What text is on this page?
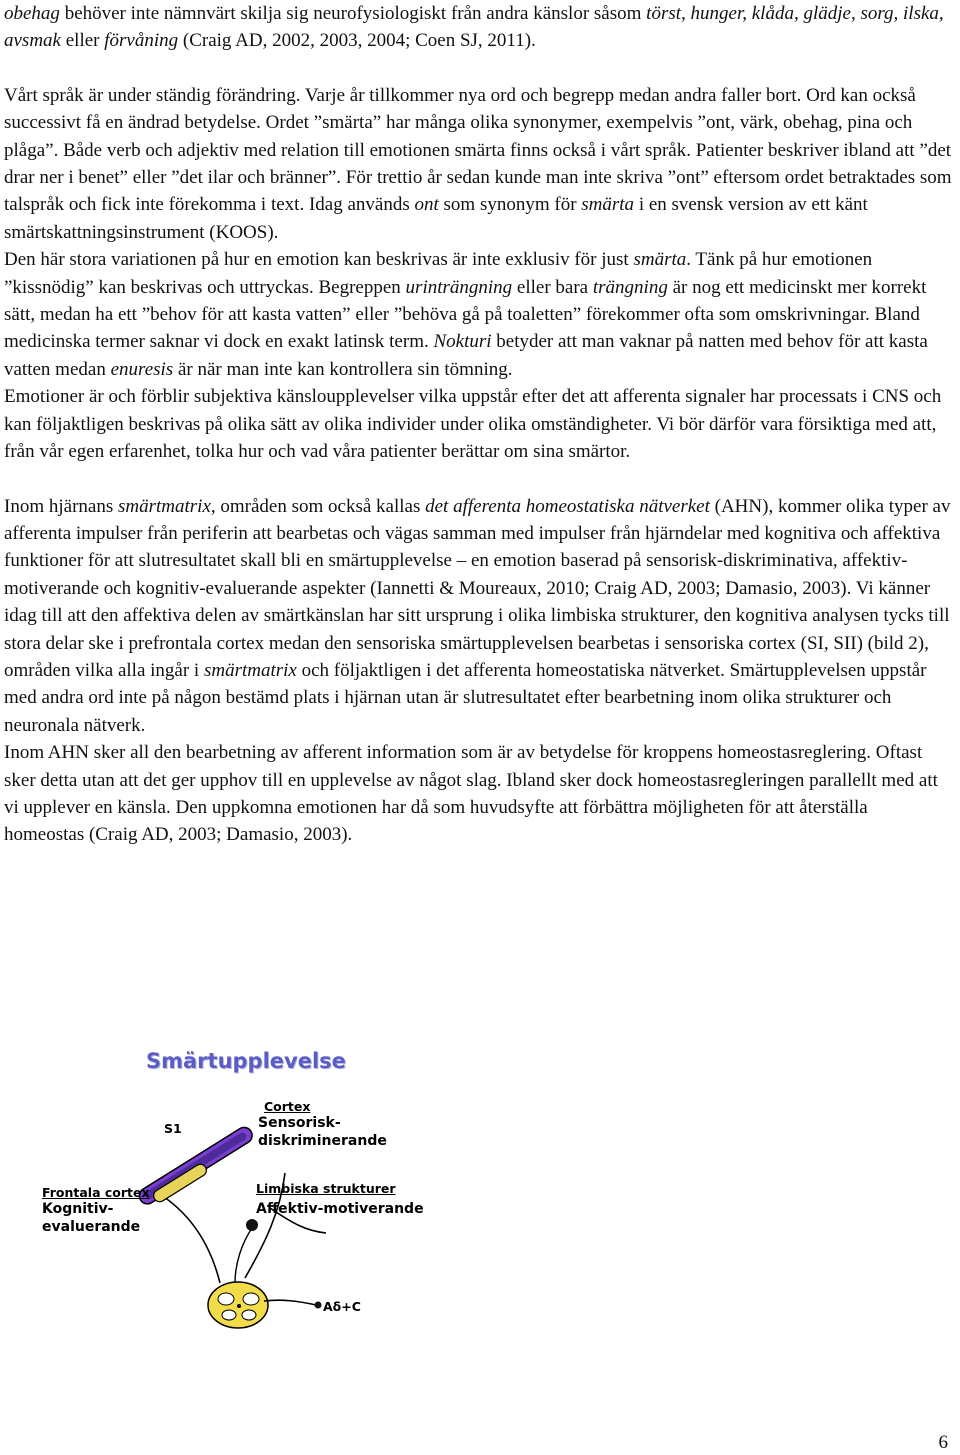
obehag behöver inte nämnvärt skilja sig neurofysiologiskt från andra känslor såsom törst, hunger, klåda, glädje, sorg, ilska, avsmak eller förvåning (Craig AD, 2002, 2003, 2004; Coen SJ, 2011).

Vårt språk är under ständig förändring. Varje år tillkommer nya ord och begrepp medan andra faller bort. Ord kan också successivt få en ändrad betydelse. Ordet ”smärta” har många olika synonymer, exempelvis ”ont, värk, obehag, pina och plåga”. Både verb och adjektiv med relation till emotionen smärta finns också i vårt språk. Patienter beskriver ibland att ”det drar ner i benet” eller ”det ilar och bränner”. För trettio år sedan kunde man inte skriva ”ont” eftersom ordet betraktades som talspråk och fick inte förekomma i text. Idag används ont som synonym för smärta i en svensk version av ett känt smärtskattningsinstrument (KOOS).

Den här stora variationen på hur en emotion kan beskrivas är inte exklusiv för just smärta. Tänk på hur emotionen ”kissnödig” kan beskrivas och uttryckas. Begreppen urinträngning eller bara trängning är nog ett medicinskt mer korrekt sätt, medan ha ett ”behov för att kasta vatten” eller ”behöva gå på toaletten” förekommer ofta som omskrivningar. Bland medicinska termer saknar vi dock en exakt latinsk term. Nokturi betyder att man vaknar på natten med behov för att kasta vatten medan enuresis är när man inte kan kontrollera sin tömning.

Emotioner är och förblir subjektiva känsloupplevelser vilka uppstår efter det att afferenta signaler har processats i CNS och kan följaktligen beskrivas på olika sätt av olika individer under olika omständigheter. Vi bör därför vara försiktiga med att, från vår egen erfarenhet, tolka hur och vad våra patienter berättar om sina smärtor.

Inom hjärnans smärtmatrix, områden som också kallas det afferenta homeostatiska nätverket (AHN), kommer olika typer av afferenta impulser från periferin att bearbetas och vägas samman med impulser från hjärndelar med kognitiva och affektiva funktioner för att slutresultatet skall bli en smärtupplevelse – en emotion baserad på sensorisk-diskriminativa, affektiv-motiverande och kognitiv-evaluerande aspekter (Iannetti & Moureaux, 2010; Craig AD, 2003; Damasio, 2003). Vi känner idag till att den affektiva delen av smärtkänslan har sitt ursprung i olika limbiska strukturer, den kognitiva analysen tycks till stora delar ske i prefrontala cortex medan den sensoriska smärtupplevelsen bearbetas i sensoriska cortex (SI, SII) (bild 2), områden vilka alla ingår i smärtmatrix och följaktligen i det afferenta homeostatiska nätverket. Smärtupplevelsen uppstår med andra ord inte på någon bestämd plats i hjärnan utan är slutresultatet efter bearbetning inom olika strukturer och neuronala nätverk.

Inom AHN sker all den bearbetning av afferent information som är av betydelse för kroppens homeostasreglering. Oftast sker detta utan att det ger upphov till en upplevelse av något slag. Ibland sker dock homeostasregleringen parallellt med att vi upplever en känsla. Den uppkomna emotionen har då som huvudsyfte att förbättra möjligheten för att återställa homeostas (Craig AD, 2003; Damasio, 2003).

Smärtupplevelse

S1
Cortex
Sensorisk-
diskriminerande
Frontala cortex
Kognitiv-
evaluerande
Limbiska strukturer
Affektiv-motiverande
Aδ+C
6
